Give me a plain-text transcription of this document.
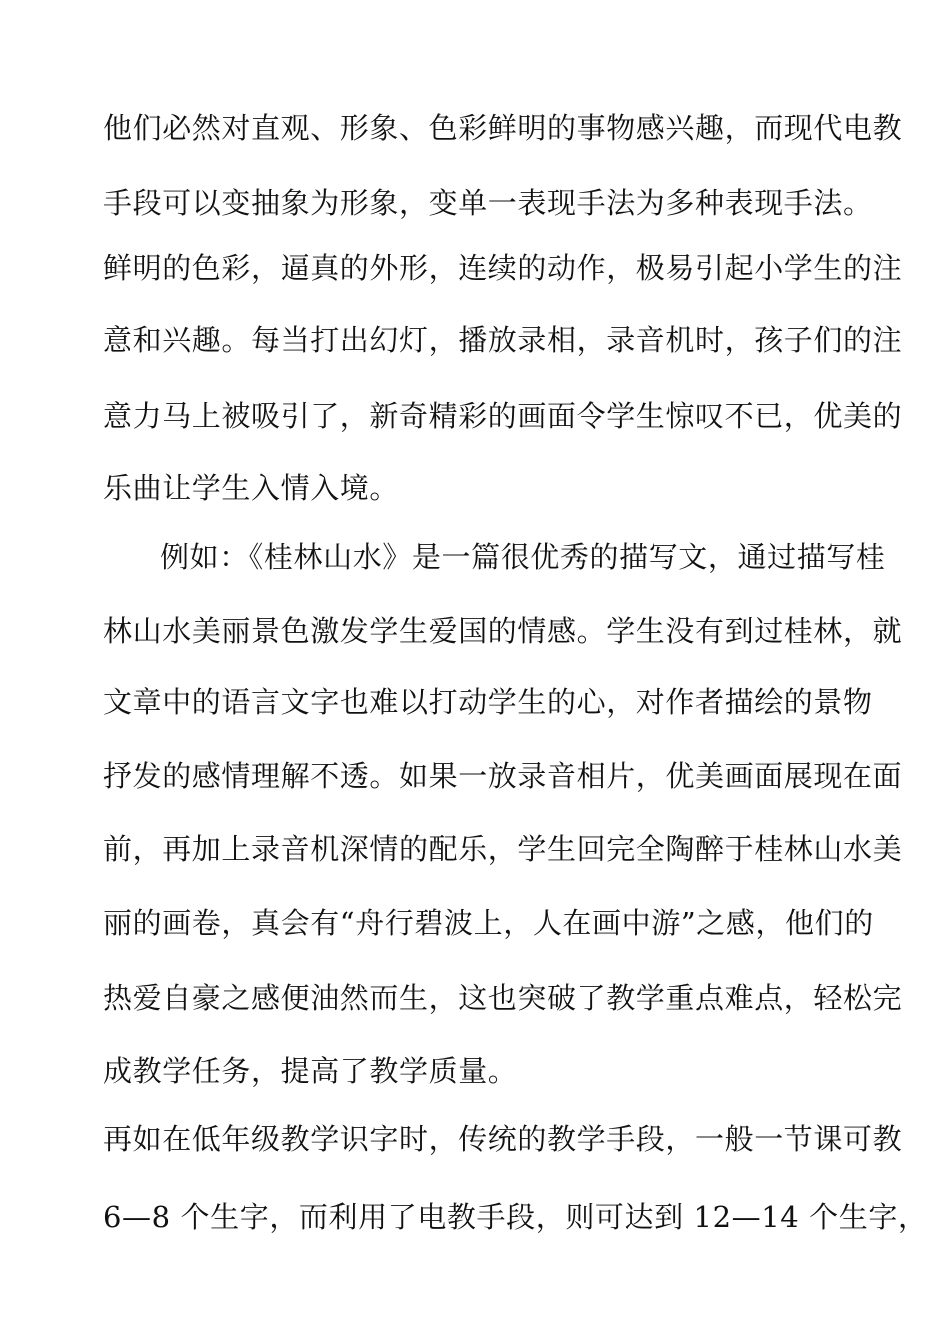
他们必然对直观、形象、色彩鲜明的事物感兴趣，而现代电教
手段可以变抽象为形象，变单一表现手法为多种表现手法。
鲜明的色彩，逼真的外形，连续的动作，极易引起小学生的注
意和兴趣。每当打出幻灯，播放录相，录音机时，孩子们的注
意力马上被吸引了，新奇精彩的画面令学生惊叹不已，优美的
乐曲让学生入情入境。
例如：《桂林山水》是一篇很优秀的描写文，通过描写桂
林山水美丽景色激发学生爱国的情感。学生没有到过桂林，就
文章中的语言文字也难以打动学生的心，对作者描绘的景物
抒发的感情理解不透。如果一放录音相片，优美画面展现在面
前，再加上录音机深情的配乐，学生回完全陶醉于桂林山水美
丽的画卷，真会有“舟行碧波上，人在画中游”之感，他们的
热爱自豪之感便油然而生，这也突破了教学重点难点，轻松完
成教学任务，提高了教学质量。
再如在低年级教学识字时，传统的教学手段，一般一节课可教
6—8 个生字，而利用了电教手段，则可达到 12—14 个生字，
